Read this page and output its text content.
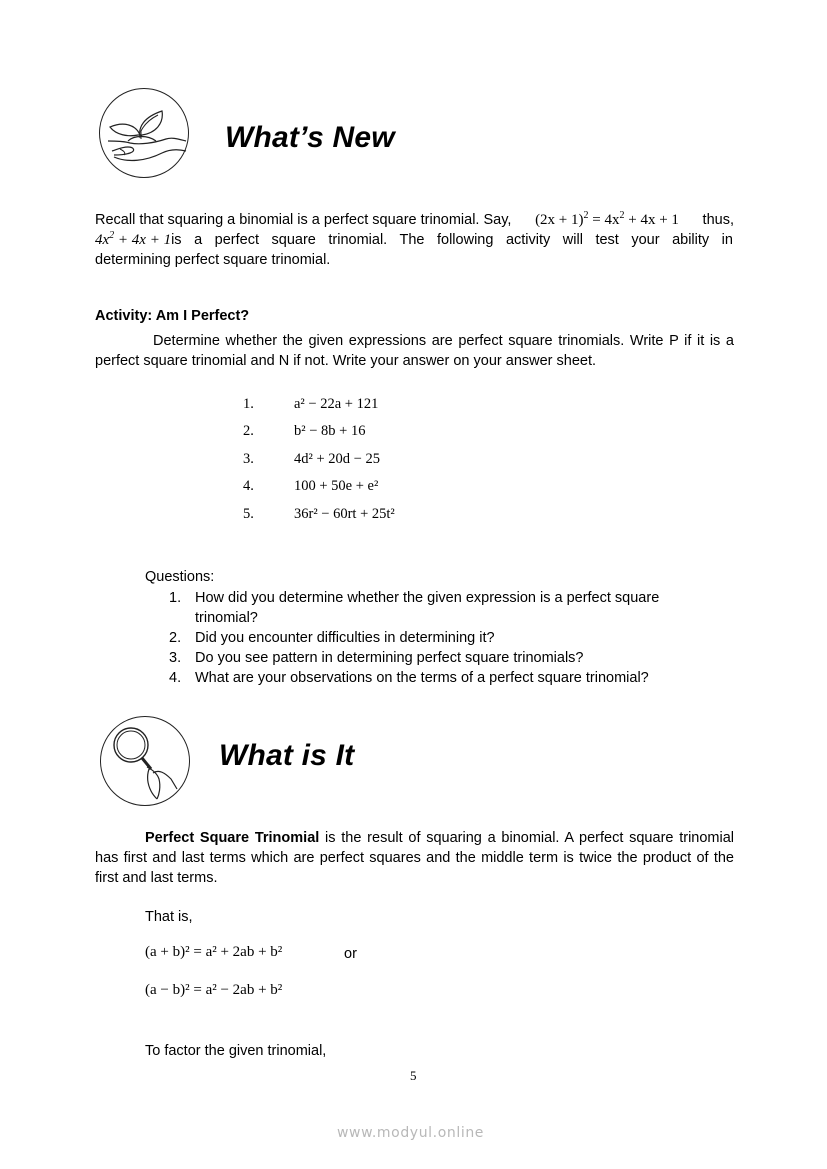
What’s New
Recall that squaring a binomial is a perfect square trinomial. Say, $(2x + 1)^2 = 4x^2 + 4x + 1$ thus,
$4x^2 + 4x + 1$ is a perfect square trinomial. The following activity will test your ability in
determining perfect square trinomial.
Activity: Am I Perfect?
Determine whether the given expressions are perfect square trinomials. Write P if it is a perfect square trinomial and N if not. Write your answer on your answer sheet.
1.	a² − 22a + 121
2.	b² − 8b + 16
3.	4d² + 20d − 25
4.	100 + 50e + e²
5.	36r² − 60rt + 25t²
Questions:
1. How did you determine whether the given expression is a perfect square trinomial?
2. Did you encounter difficulties in determining it?
3. Do you see pattern in determining perfect square trinomials?
4. What are your observations on the terms of a perfect square trinomial?
What is It
Perfect Square Trinomial is the result of squaring a binomial. A perfect square trinomial has first and last terms which are perfect squares and the middle term is twice the product of the first and last terms.
That is,
(a + b)² = a² + 2ab + b²	or
(a − b)² = a² − 2ab + b²
To factor the given trinomial,
5
www.modyul.online
